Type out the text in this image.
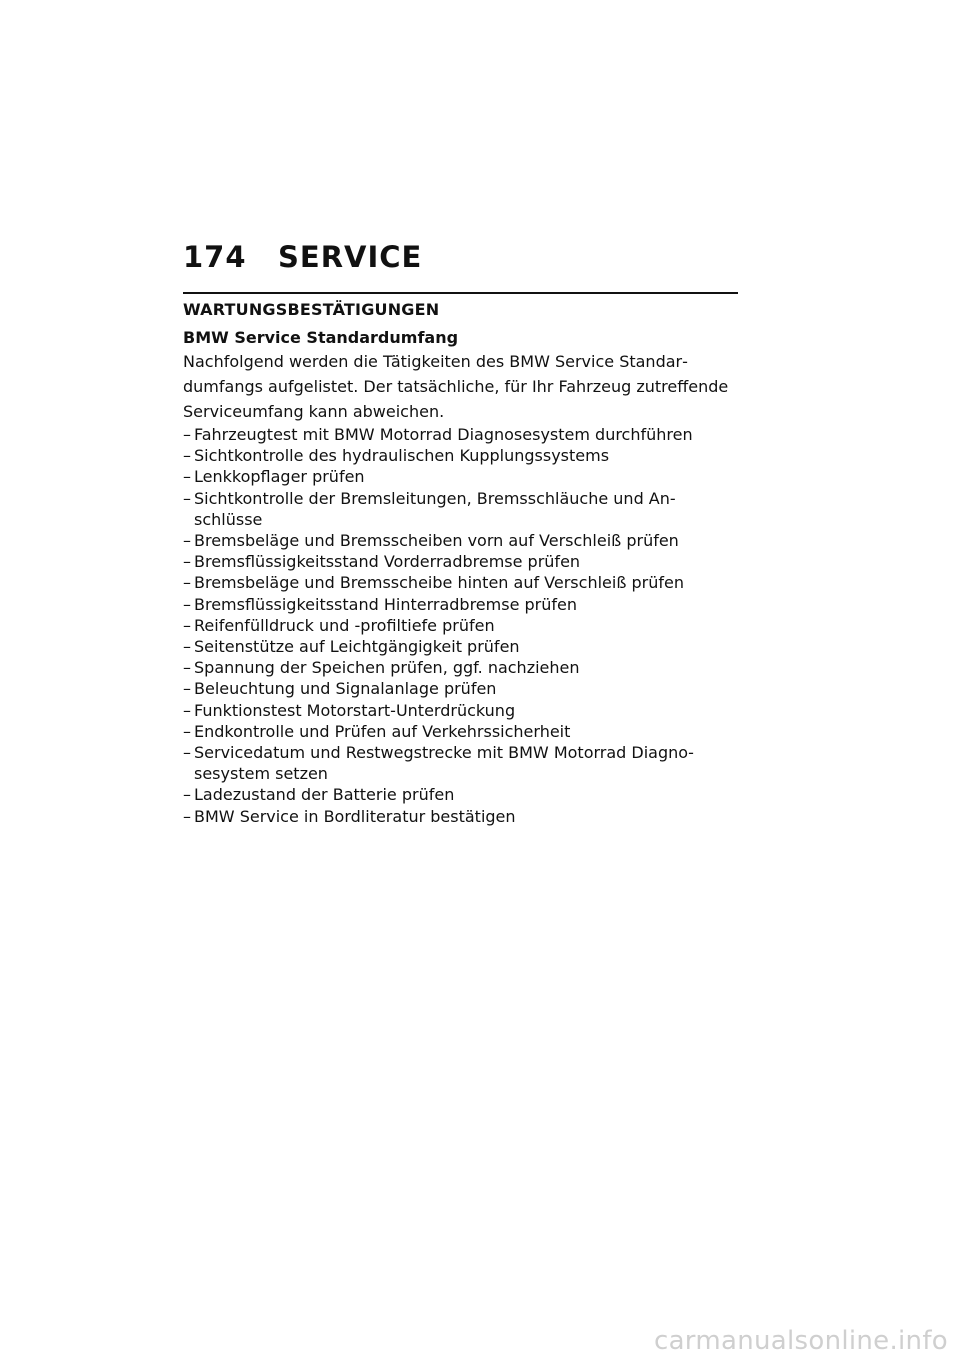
174	SERVICE
WARTUNGSBESTÄTIGUNGEN
BMW Service Standardumfang

Nachfolgend werden die Tätigkeiten des BMW Service Standardumfangs aufgelistet. Der tatsächliche, für Ihr Fahrzeug zutreffende Serviceumfang kann abweichen.

– Fahrzeugtest mit BMW Motorrad Diagnosesystem durchführen
– Sichtkontrolle des hydraulischen Kupplungssystems
– Lenkkopflager prüfen
– Sichtkontrolle der Bremsleitungen, Bremsschläuche und Anschlüsse
– Bremsbeläge und Bremsscheiben vorn auf Verschleiß prüfen
– Bremsflüssigkeitsstand Vorderradbremse prüfen
– Bremsbeläge und Bremsscheibe hinten auf Verschleiß prüfen
– Bremsflüssigkeitsstand Hinterradbremse prüfen
– Reifenfülldruck und -profiltiefe prüfen
– Seitenstütze auf Leichtgängigkeit prüfen
– Spannung der Speichen prüfen, ggf. nachziehen
– Beleuchtung und Signalanlage prüfen
– Funktionstest Motorstart-Unterdrückung
– Endkontrolle und Prüfen auf Verkehrssicherheit
– Servicedatum und Restwegstrecke mit BMW Motorrad Diagnosesystem setzen
– Ladezustand der Batterie prüfen
– BMW Service in Bordliteratur bestätigen
carmanualsonline.info
